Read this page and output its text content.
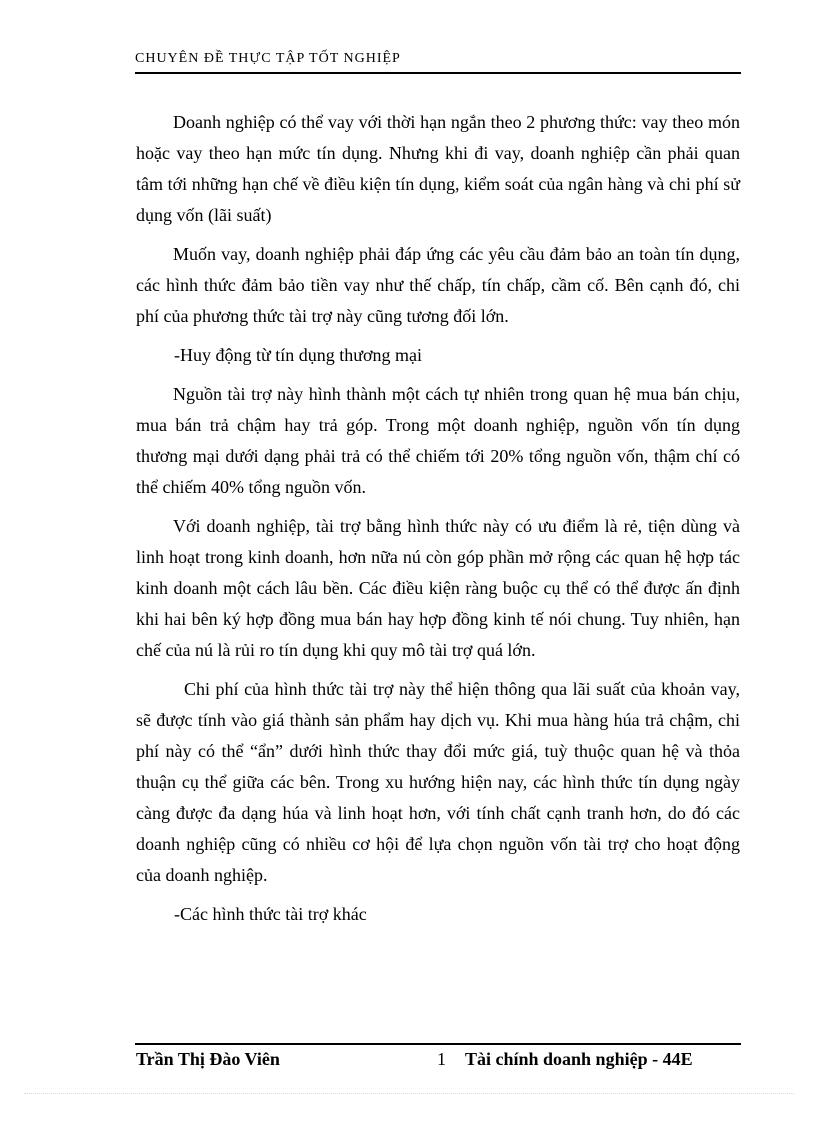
CHUYÊN ĐỀ THỰC TẬP TỐT NGHIỆP

Doanh nghiệp có thể vay với thời hạn ngắn theo 2 phương thức: vay theo món hoặc vay theo hạn mức tín dụng. Nhưng khi đi vay, doanh nghiệp cần phải quan tâm tới những hạn chế về điều kiện tín dụng, kiểm soát của ngân hàng và chi phí sử dụng vốn (lãi suất)

Muốn vay, doanh nghiệp phải đáp ứng các yêu cầu đảm bảo an toàn tín dụng, các hình thức đảm bảo tiền vay như thế chấp, tín chấp, cầm cố. Bên cạnh đó, chi phí của phương thức tài trợ này cũng tương đối lớn.

-Huy động từ tín dụng thương mại

Nguồn tài trợ này hình thành một cách tự nhiên trong quan hệ mua bán chịu, mua bán trả chậm hay trả góp. Trong một doanh nghiệp, nguồn vốn tín dụng thương mại dưới dạng phải trả có thể chiếm tới 20% tổng nguồn vốn, thậm chí có thể chiếm 40% tổng nguồn vốn.

Với doanh nghiệp, tài trợ bằng hình thức này có ưu điểm là rẻ, tiện dùng và linh hoạt trong kinh doanh, hơn nữa nú còn góp phần mở rộng các quan hệ hợp tác kinh doanh một cách lâu bền. Các điều kiện ràng buộc cụ thể có thể được ấn định khi hai bên ký hợp đồng mua bán hay hợp đồng kinh tế nói chung. Tuy nhiên, hạn chế của nú là rủi ro tín dụng khi quy mô tài trợ quá lớn.

Chi phí của hình thức tài trợ này thể hiện thông qua lãi suất của khoản vay, sẽ được tính vào giá thành sản phẩm hay dịch vụ. Khi mua hàng húa trả chậm, chi phí này có thể “ẩn” dưới hình thức thay đổi mức giá, tuỳ thuộc quan hệ và thỏa thuận cụ thể giữa các bên. Trong xu hướng hiện nay, các hình thức tín dụng ngày càng được đa dạng húa và linh hoạt hơn, với tính chất cạnh tranh hơn, do đó các doanh nghiệp cũng có nhiều cơ hội để lựa chọn nguồn vốn tài trợ cho hoạt động của doanh nghiệp.

-Các hình thức tài trợ khác

Trần Thị Đào Viên	1 Tài chính doanh nghiệp - 44E
